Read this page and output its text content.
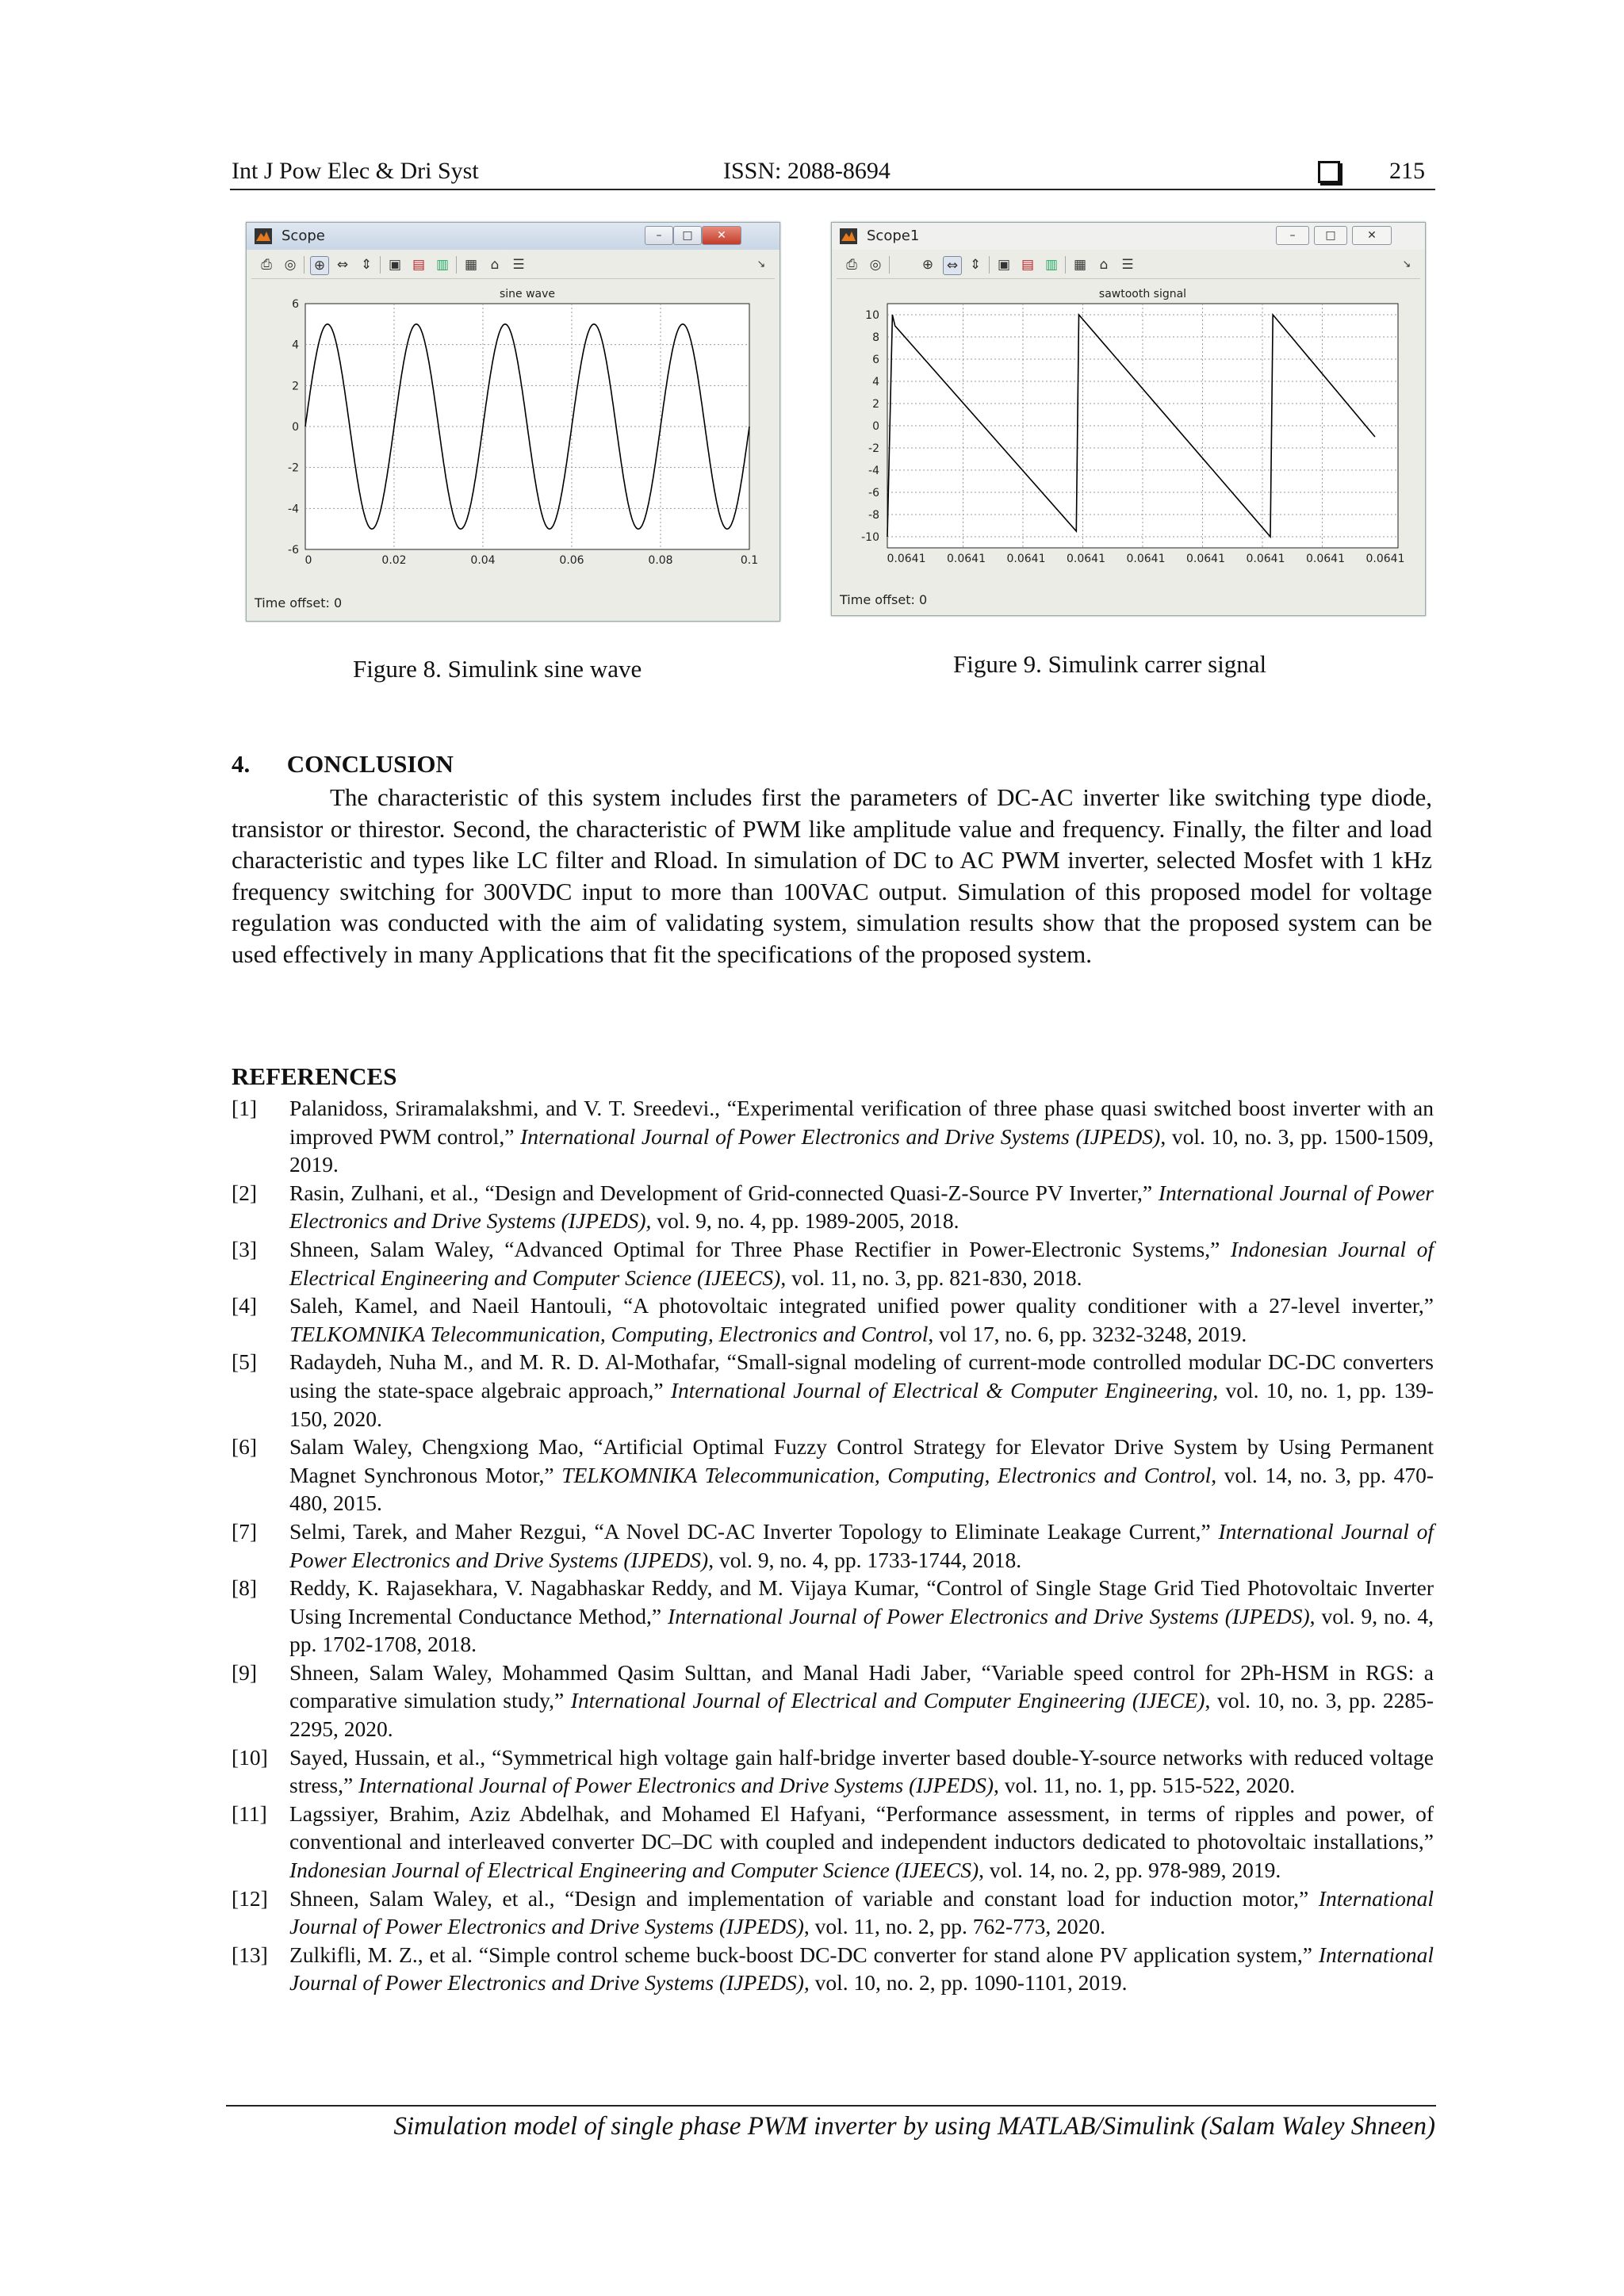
Int J Pow Elec & Dri Syst	ISSN: 2088-8694	215
Scope	–	□	✕
⎙ ◎ ⊕ ⇔ ⇕ ▣ ▤ ▥ ▦ ⌂ ☰	↘
sine wave
0	0.02	0.04	0.06	0.08	0.1
6
4
2
0
-2
-4
-6
Time offset: 0
Scope1	–	□	✕
⎙ ◎	⊕ ⇔ ⇕ ▣ ▤ ▥ ▦ ⌂ ☰	↘
sawtooth signal
0.0641 0.0641 0.0641 0.0641 0.0641 0.0641 0.0641 0.0641 0.0641
10
8
6
4
2
0
-2
-4
-6
-8
-10
Time offset: 0
Figure 8. Simulink sine wave	Figure 9. Simulink carrer signal
4.      CONCLUSION
The characteristic of this system includes first the parameters of DC-AC inverter like switching type diode, transistor or thirestor. Second, the characteristic of PWM like amplitude value and frequency. Finally, the filter and load characteristic and types like LC filter and Rload. In simulation of DC to AC PWM inverter, selected Mosfet with 1 kHz frequency switching for 300VDC input to more than 100VAC output. Simulation of this proposed model for voltage regulation was conducted with the aim of validating system, simulation results show that the proposed system can be used effectively in many Applications that fit the specifications of the proposed system.
REFERENCES
[1]	Palanidoss, Sriramalakshmi, and V. T. Sreedevi., “Experimental verification of three phase quasi switched boost inverter with an improved PWM control,” International Journal of Power Electronics and Drive Systems (IJPEDS), vol. 10, no. 3, pp. 1500-1509, 2019.
[2]	Rasin, Zulhani, et al., “Design and Development of Grid-connected Quasi-Z-Source PV Inverter,” International Journal of Power Electronics and Drive Systems (IJPEDS), vol. 9, no. 4, pp. 1989-2005, 2018.
[3]	Shneen, Salam Waley, “Advanced Optimal for Three Phase Rectifier in Power-Electronic Systems,” Indonesian Journal of Electrical Engineering and Computer Science (IJEECS), vol. 11, no. 3, pp. 821-830, 2018.
[4]	Saleh, Kamel, and Naeil Hantouli, “A photovoltaic integrated unified power quality conditioner with a 27-level inverter,” TELKOMNIKA Telecommunication, Computing, Electronics and Control, vol 17, no. 6, pp. 3232-3248, 2019.
[5]	Radaydeh, Nuha M., and M. R. D. Al-Mothafar, “Small-signal modeling of current-mode controlled modular DC-DC converters using the state-space algebraic approach,” International Journal of Electrical & Computer Engineering, vol. 10, no. 1, pp. 139-150, 2020.
[6]	Salam Waley, Chengxiong Mao, “Artificial Optimal Fuzzy Control Strategy for Elevator Drive System by Using Permanent Magnet Synchronous Motor,” TELKOMNIKA Telecommunication, Computing, Electronics and Control, vol. 14, no. 3, pp. 470-480, 2015.
[7]	Selmi, Tarek, and Maher Rezgui, “A Novel DC-AC Inverter Topology to Eliminate Leakage Current,” International Journal of Power Electronics and Drive Systems (IJPEDS), vol. 9, no. 4, pp. 1733-1744, 2018.
[8]	Reddy, K. Rajasekhara, V. Nagabhaskar Reddy, and M. Vijaya Kumar, “Control of Single Stage Grid Tied Photovoltaic Inverter Using Incremental Conductance Method,” International Journal of Power Electronics and Drive Systems (IJPEDS), vol. 9, no. 4, pp. 1702-1708, 2018.
[9]	Shneen, Salam Waley, Mohammed Qasim Sulttan, and Manal Hadi Jaber, “Variable speed control for 2Ph-HSM in RGS: a comparative simulation study,” International Journal of Electrical and Computer Engineering (IJECE), vol. 10, no. 3, pp. 2285-2295, 2020.
[10] Sayed, Hussain, et al., “Symmetrical high voltage gain half-bridge inverter based double-Y-source networks with reduced voltage stress,” International Journal of Power Electronics and Drive Systems (IJPEDS), vol. 11, no. 1, pp. 515-522, 2020.
[11]	Lagssiyer, Brahim, Aziz Abdelhak, and Mohamed El Hafyani, “Performance assessment, in terms of ripples and power, of conventional and interleaved converter DC–DC with coupled and independent inductors dedicated to photovoltaic installations,” Indonesian Journal of Electrical Engineering and Computer Science (IJEECS), vol. 14, no. 2, pp. 978-989, 2019.
[12] Shneen, Salam Waley, et al., “Design and implementation of variable and constant load for induction motor,” International Journal of Power Electronics and Drive Systems (IJPEDS), vol. 11, no. 2, pp. 762-773, 2020.
[13] Zulkifli, M. Z., et al. “Simple control scheme buck-boost DC-DC converter for stand alone PV application system,” International Journal of Power Electronics and Drive Systems (IJPEDS), vol. 10, no. 2, pp. 1090-1101, 2019.
Simulation model of single phase PWM inverter by using MATLAB/Simulink (Salam Waley Shneen)
